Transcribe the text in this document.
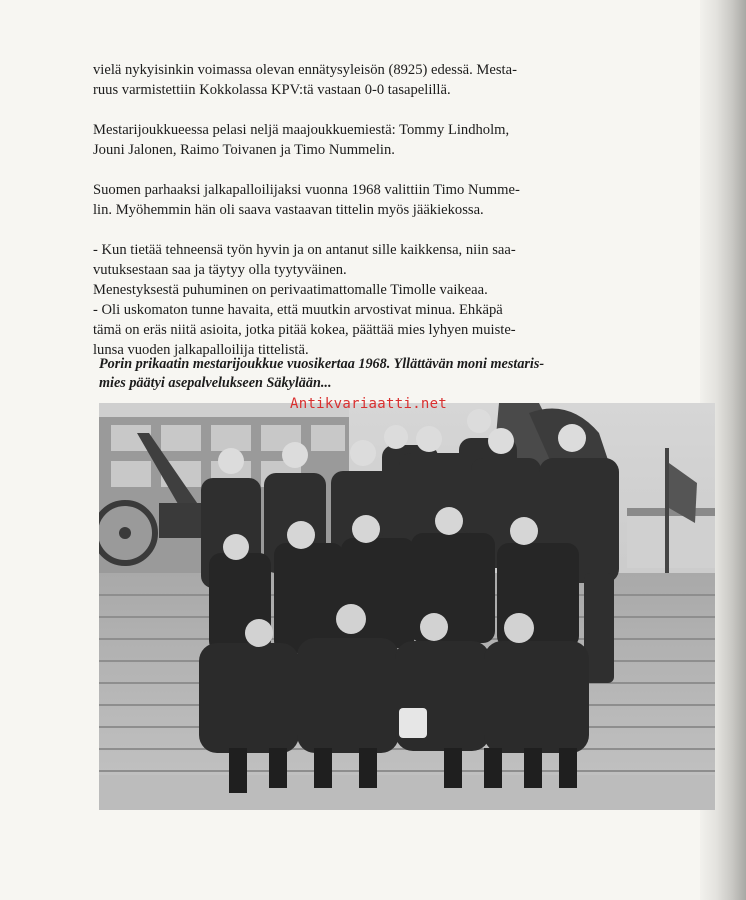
vielä nykyisinkin voimassa olevan ennätysyleisön (8925) edessä. Mesta-
ruus varmistettiin Kokkolassa KPV:tä vastaan 0-0 tasapelillä.

Mestarijoukkueessa pelasi neljä maajoukkuemiestä: Tommy Lindholm,
Jouni Jalonen, Raimo Toivanen ja Timo Nummelin.

Suomen parhaaksi jalkapalloilijaksi vuonna 1968 valittiin Timo Numme-
lin. Myöhemmin hän oli saava vastaavan tittelin myös jääkiekossa.

- Kun tietää tehneensä työn hyvin ja on antanut sille kaikkensa, niin saa-
vutuksestaan saa ja täytyy olla tyytyväinen.
Menestyksestä puhuminen on perivaatimattomalle Timolle vaikeaa.
- Oli uskomaton tunne havaita, että muutkin arvostivat minua. Ehkäpä
tämä on eräs niitä asioita, jotka pitää kokea, päättää mies lyhyen muiste-
lunsa vuoden jalkapalloilija tittelistä.

Porin prikaatin mestarijoukkue vuosikertaa 1968. Yllättävän moni mestaris-
mies päätyi asepalvelukseen Säkylään...
Antikvariaatti.net
